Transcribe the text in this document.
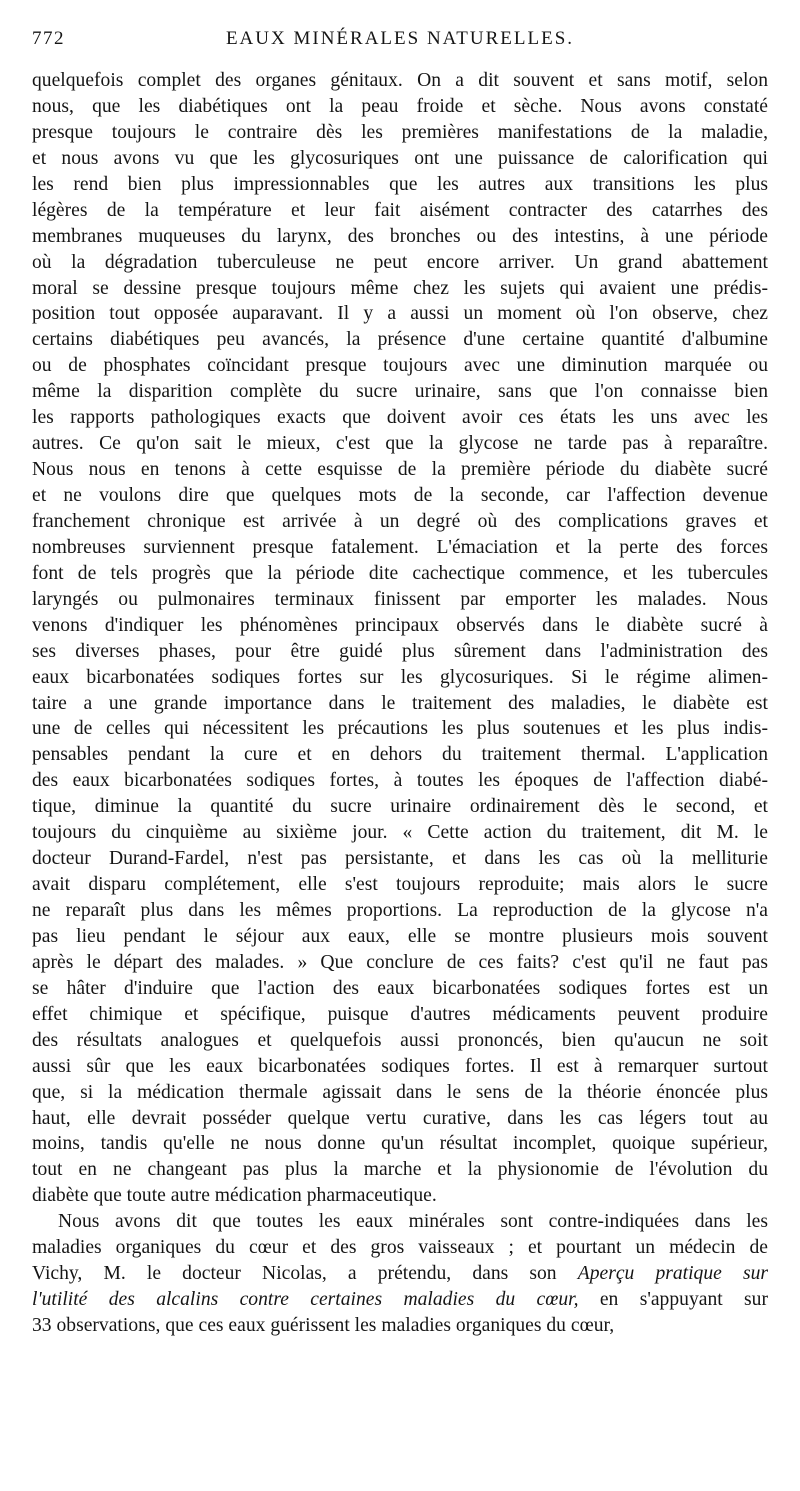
772	EAUX MINÉRALES NATURELLES.
quelquefois complet des organes génitaux. On a dit souvent et sans motif, selon
nous, que les diabétiques ont la peau froide et sèche. Nous avons constaté
presque toujours le contraire dès les premières manifestations de la maladie,
et nous avons vu que les glycosuriques ont une puissance de calorification qui
les rend bien plus impressionnables que les autres aux transitions les plus
légères de la température et leur fait aisément contracter des catarrhes des
membranes muqueuses du larynx, des bronches ou des intestins, à une période
où la dégradation tuberculeuse ne peut encore arriver. Un grand abattement
moral se dessine presque toujours même chez les sujets qui avaient une prédis-
position tout opposée auparavant. Il y a aussi un moment où l'on observe, chez
certains diabétiques peu avancés, la présence d'une certaine quantité d'albumine
ou de phosphates coïncidant presque toujours avec une diminution marquée ou
même la disparition complète du sucre urinaire, sans que l'on connaisse bien
les rapports pathologiques exacts que doivent avoir ces états les uns avec les
autres. Ce qu'on sait le mieux, c'est que la glycose ne tarde pas à reparaître.
Nous nous en tenons à cette esquisse de la première période du diabète sucré
et ne voulons dire que quelques mots de la seconde, car l'affection devenue
franchement chronique est arrivée à un degré où des complications graves et
nombreuses surviennent presque fatalement. L'émaciation et la perte des forces
font de tels progrès que la période dite cachectique commence, et les tubercules
laryngés ou pulmonaires terminaux finissent par emporter les malades. Nous
venons d'indiquer les phénomènes principaux observés dans le diabète sucré à
ses diverses phases, pour être guidé plus sûrement dans l'administration des
eaux bicarbonatées sodiques fortes sur les glycosuriques. Si le régime alimen-
taire a une grande importance dans le traitement des maladies, le diabète est
une de celles qui nécessitent les précautions les plus soutenues et les plus indis-
pensables pendant la cure et en dehors du traitement thermal. L'application
des eaux bicarbonatées sodiques fortes, à toutes les époques de l'affection diabé-
tique, diminue la quantité du sucre urinaire ordinairement dès le second, et
toujours du cinquième au sixième jour. « Cette action du traitement, dit M. le
docteur Durand-Fardel, n'est pas persistante, et dans les cas où la melliturie
avait disparu complétement, elle s'est toujours reproduite; mais alors le sucre
ne reparaît plus dans les mêmes proportions. La reproduction de la glycose n'a
pas lieu pendant le séjour aux eaux, elle se montre plusieurs mois souvent
après le départ des malades. » Que conclure de ces faits? c'est qu'il ne faut pas
se hâter d'induire que l'action des eaux bicarbonatées sodiques fortes est un
effet chimique et spécifique, puisque d'autres médicaments peuvent produire
des résultats analogues et quelquefois aussi prononcés, bien qu'aucun ne soit
aussi sûr que les eaux bicarbonatées sodiques fortes. Il est à remarquer surtout
que, si la médication thermale agissait dans le sens de la théorie énoncée plus
haut, elle devrait posséder quelque vertu curative, dans les cas légers tout au
moins, tandis qu'elle ne nous donne qu'un résultat incomplet, quoique supérieur,
tout en ne changeant pas plus la marche et la physionomie de l'évolution du
diabète que toute autre médication pharmaceutique.
Nous avons dit que toutes les eaux minérales sont contre-indiquées dans les
maladies organiques du cœur et des gros vaisseaux ; et pourtant un médecin de
Vichy, M. le docteur Nicolas, a prétendu, dans son Aperçu pratique sur
l'utilité des alcalins contre certaines maladies du cœur, en s'appuyant sur
33 observations, que ces eaux guérissent les maladies organiques du cœur,
